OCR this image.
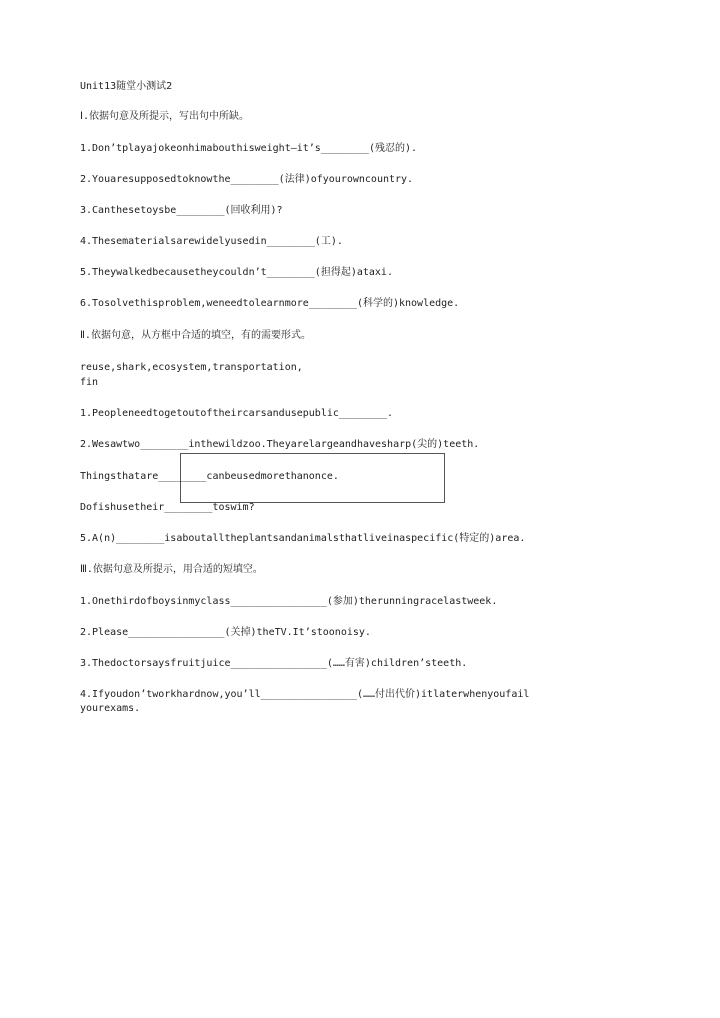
Unit13随堂小测试2
Ⅰ.依据句意及所提示，写出句中所缺。
1.Don’tplayajokeonhimabouthisweight—it’s________(残忍的).
2.Youaresupposedtoknowthe________(法律)ofyourowncountry.
3.Canthesetoysbe________(回收利用)?
4.Thesematerialsarewidelyusedin________(工).
5.Theywalkedbecausetheycouldn’t________(担得起)ataxi.
6.Tosolvethisproblem,weneedtolearnmore________(科学的)knowledge.
Ⅱ.依据句意，从方框中合适的填空，有的需要形式。
reuse,shark,ecosystem,transportation,
fin
1.Peopleneedtogetoutoftheircarsandusepublic________.
2.Wesawtwo________inthewildzoo.Theyarelargeandhavesharp(尖的)teeth.
Thingsthatare________canbeusedmorethanonce.
Dofishusetheir________toswim?
5.A(n)________isaboutalltheplantsandanimalsthatliveinaspecific(特定的)area.
Ⅲ.依据句意及所提示，用合适的短填空。
1.Onethirdofboysinmyclass________________(参加)therunningracelastweek.
2.Please________________(关掉)theTV.It’stoonoisy.
3.Thedoctorsaysfruitjuice________________(……有害)children’steeth.
4.Ifyoudon’tworkhardnow,you’ll________________(……付出代价)itlaterwhenyoufail yourexams.
